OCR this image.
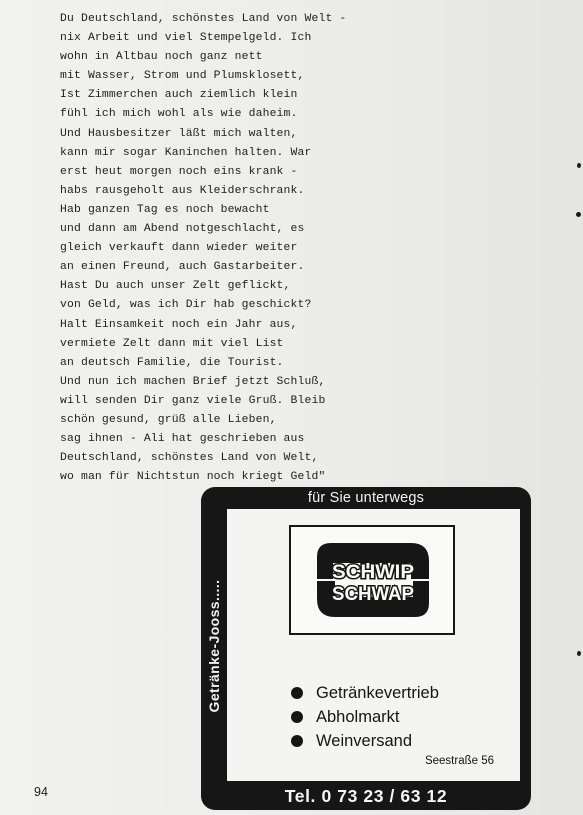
Du Deutschland, schönstes Land von Welt -
nix Arbeit und viel Stempelgeld. Ich
wohn in Altbau noch ganz nett
mit Wasser, Strom und Plumsklosett,
Ist Zimmerchen auch ziemlich klein
fühl ich mich wohl als wie daheim.
Und Hausbesitzer läßt mich walten,
kann mir sogar Kaninchen halten. War
erst heut morgen noch eins krank -
habs rausgeholt aus Kleiderschrank.
Hab ganzen Tag es noch bewacht
und dann am Abend notgeschlacht, es
gleich verkauft dann wieder weiter
an einen Freund, auch Gastarbeiter.
Hast Du auch unser Zelt geflickt,
von Geld, was ich Dir hab geschickt?
Halt Einsamkeit noch ein Jahr aus,
vermiete Zelt dann mit viel List
an deutsch Familie, die Tourist.
Und nun ich machen Brief jetzt Schluß,
will senden Dir ganz viele Gruß. Bleib
schön gesund, grüß alle Lieben,
sag ihnen - Ali hat geschrieben aus
Deutschland, schönstes Land von Welt,
wo man für Nichtstun noch kriegt Geld"
für Sie unterwegs
Getränke-Jooss.....
SCHWIP
SCHWAP ®
Getränkevertrieb
Abholmarkt
Weinversand
Seestraße 56
Tel. 0 73 23 / 63 12
94
